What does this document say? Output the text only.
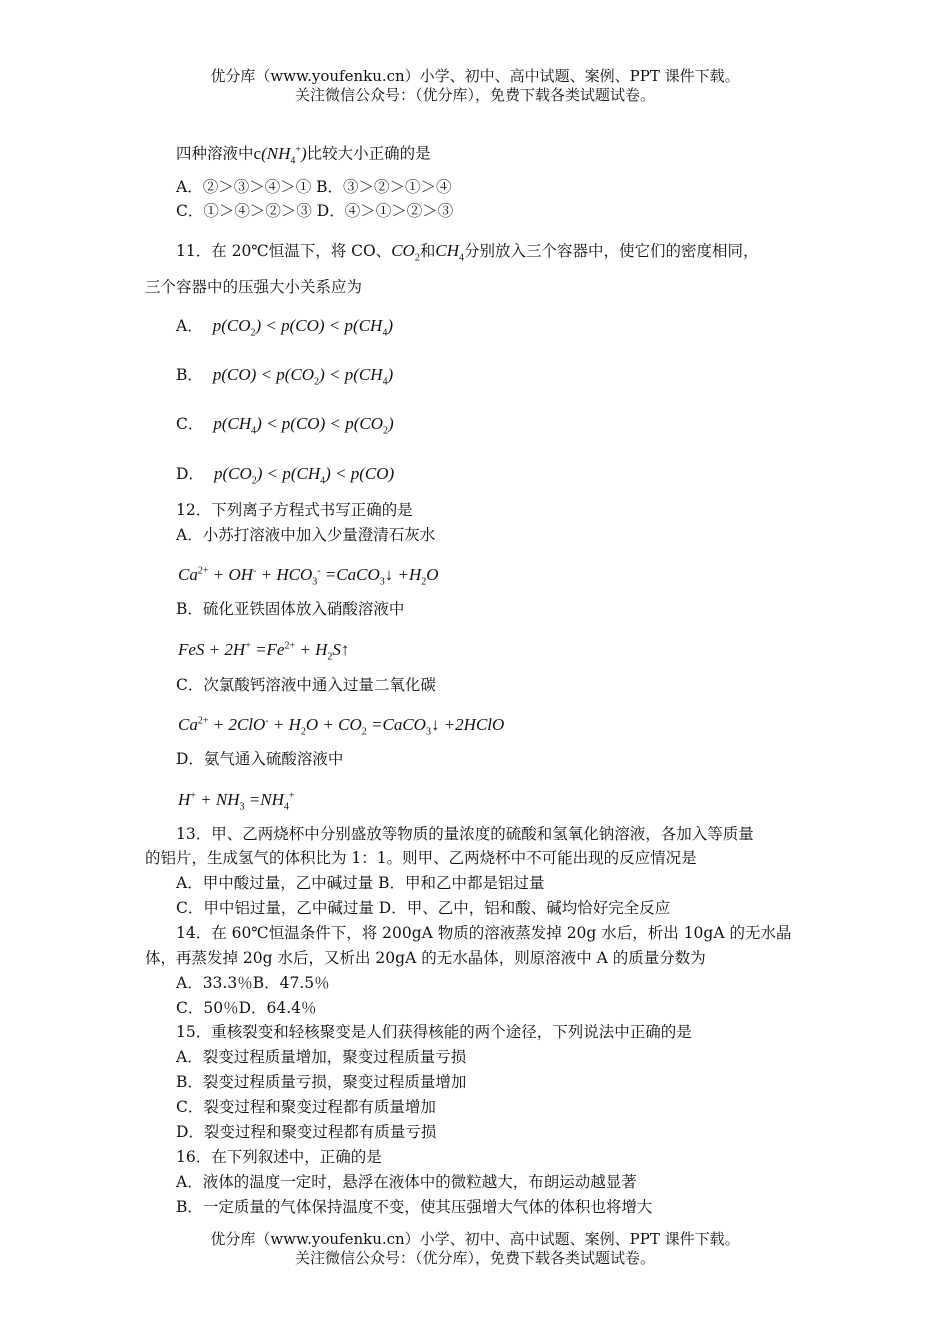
优分库（www.youfenku.cn）小学、初中、高中试题、案例、PPT 课件下载。
关注微信公众号：（优分库），免费下载各类试题试卷。
四种溶液中$c(NH_4^+)$比较大小正确的是
A．②＞③＞④＞① B．③＞②＞①＞④
C．①＞④＞②＞③ D．④＞①＞②＞③
11．在 20℃恒温下，将 CO、$CO_2$和$CH_4$分别放入三个容器中，使它们的密度相同，
三个容器中的压强大小关系应为
A． $p(CO_2) < p(CO) < p(CH_4)$
B． $p(CO) < p(CO_2) < p(CH_4)$
C． $p(CH_4) < p(CO) < p(CO_2)$
D． $p(CO_2) < p(CH_4) < p(CO)$
12．下列离子方程式书写正确的是
A．小苏打溶液中加入少量澄清石灰水
$Ca^{2+} + OH^- + HCO_3^-$ =CaCO$_3$↓ $+H_2O$
B．硫化亚铁固体放入硝酸溶液中
FeS + $2H^+ =Fe^{2+}$ + $H_2S↑$
C．次氯酸钙溶液中通入过量二氧化碳
$Ca^{2+} + 2ClO^- + H_2O + CO_2$ =CaCO$_3$↓ +2HClO
D．氨气通入硫酸溶液中
$H^+ + NH_3 =NH_4^+$
13．甲、乙两烧杯中分别盛放等物质的量浓度的硫酸和氢氧化钠溶液，各加入等质量
的铝片，生成氢气的体积比为 1：1。则甲、乙两烧杯中不可能出现的反应情况是
A．甲中酸过量，乙中碱过量 B．甲和乙中都是铝过量
C．甲中铝过量，乙中碱过量 D．甲、乙中，铝和酸、碱均恰好完全反应
14．在 60℃恒温条件下，将 200gA 物质的溶液蒸发掉 20g 水后，析出 10gA 的无水晶
体，再蒸发掉 20g 水后，又析出 20gA 的无水晶体，则原溶液中 A 的质量分数为
A．33.3％B．47.5％
C．50％D．64.4％
15．重核裂变和轻核聚变是人们获得核能的两个途径，下列说法中正确的是
A．裂变过程质量增加，聚变过程质量亏损
B．裂变过程质量亏损，聚变过程质量增加
C．裂变过程和聚变过程都有质量增加
D．裂变过程和聚变过程都有质量亏损
16．在下列叙述中，正确的是
A．液体的温度一定时，悬浮在液体中的微粒越大，布朗运动越显著
B．一定质量的气体保持温度不变，使其压强增大气体的体积也将增大
优分库（www.youfenku.cn）小学、初中、高中试题、案例、PPT 课件下载。
关注微信公众号：（优分库），免费下载各类试题试卷。
